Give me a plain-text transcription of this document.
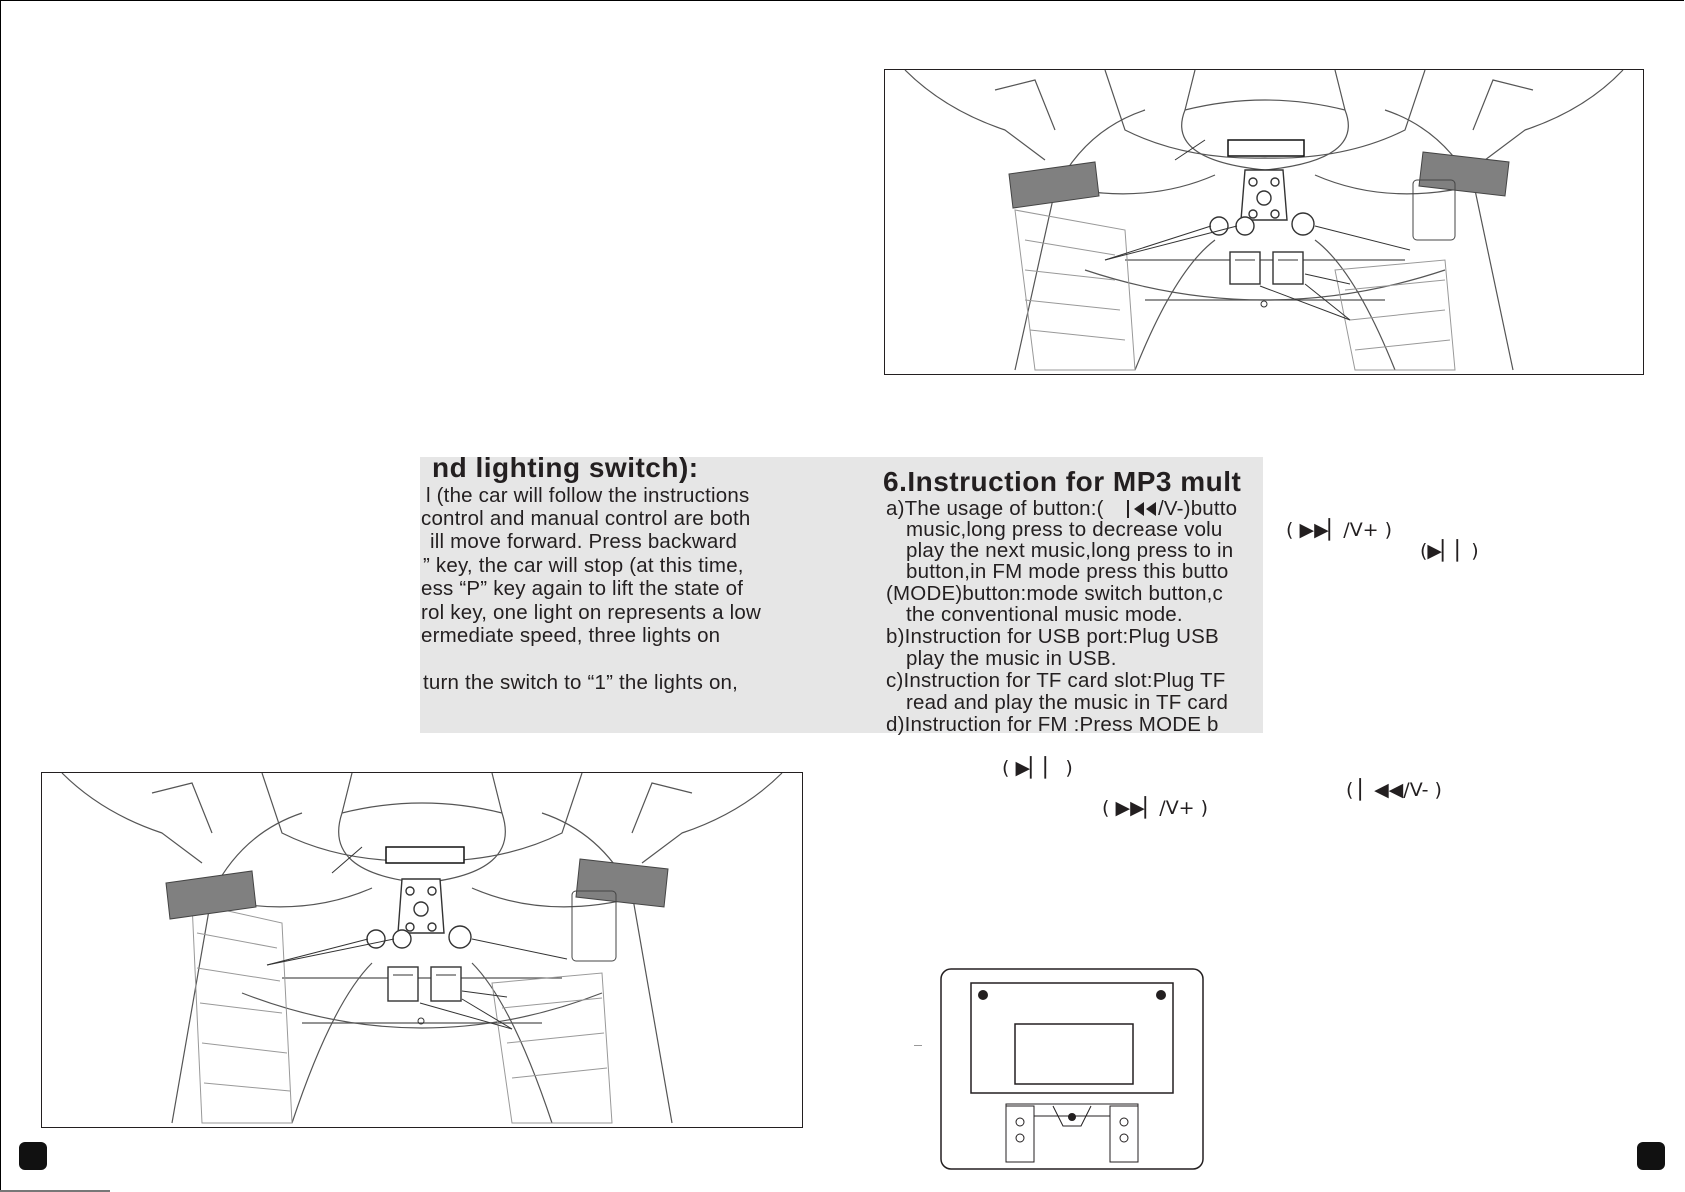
nd lighting switch):
l (the car will follow the instructions
control and manual control are both
ill move forward. Press backward
” key, the car will stop (at this time,
ess “P” key again to lift the state of
rol key, one light on represents a low
ermediate speed, three lights on
turn the switch to “1” the lights on,
6.Instruction for MP3 mult
a)The usage of button:(	/V-)butto
music,long press to decrease volu
play the next music,long press to in
button,in FM mode press this butto
(MODE)button:mode switch button,c
the conventional music mode.
b)Instruction for USB port:Plug USB
play the music in USB.
c)Instruction for TF card slot:Plug TF
read and play the music in TF card
d)Instruction for FM :Press MODE b
( ▶▶▏/V+ )
(▶▏▏)
( ▶▏▏ )
( ▏◀◀/V- )
( ▶▶▏/V+ )
